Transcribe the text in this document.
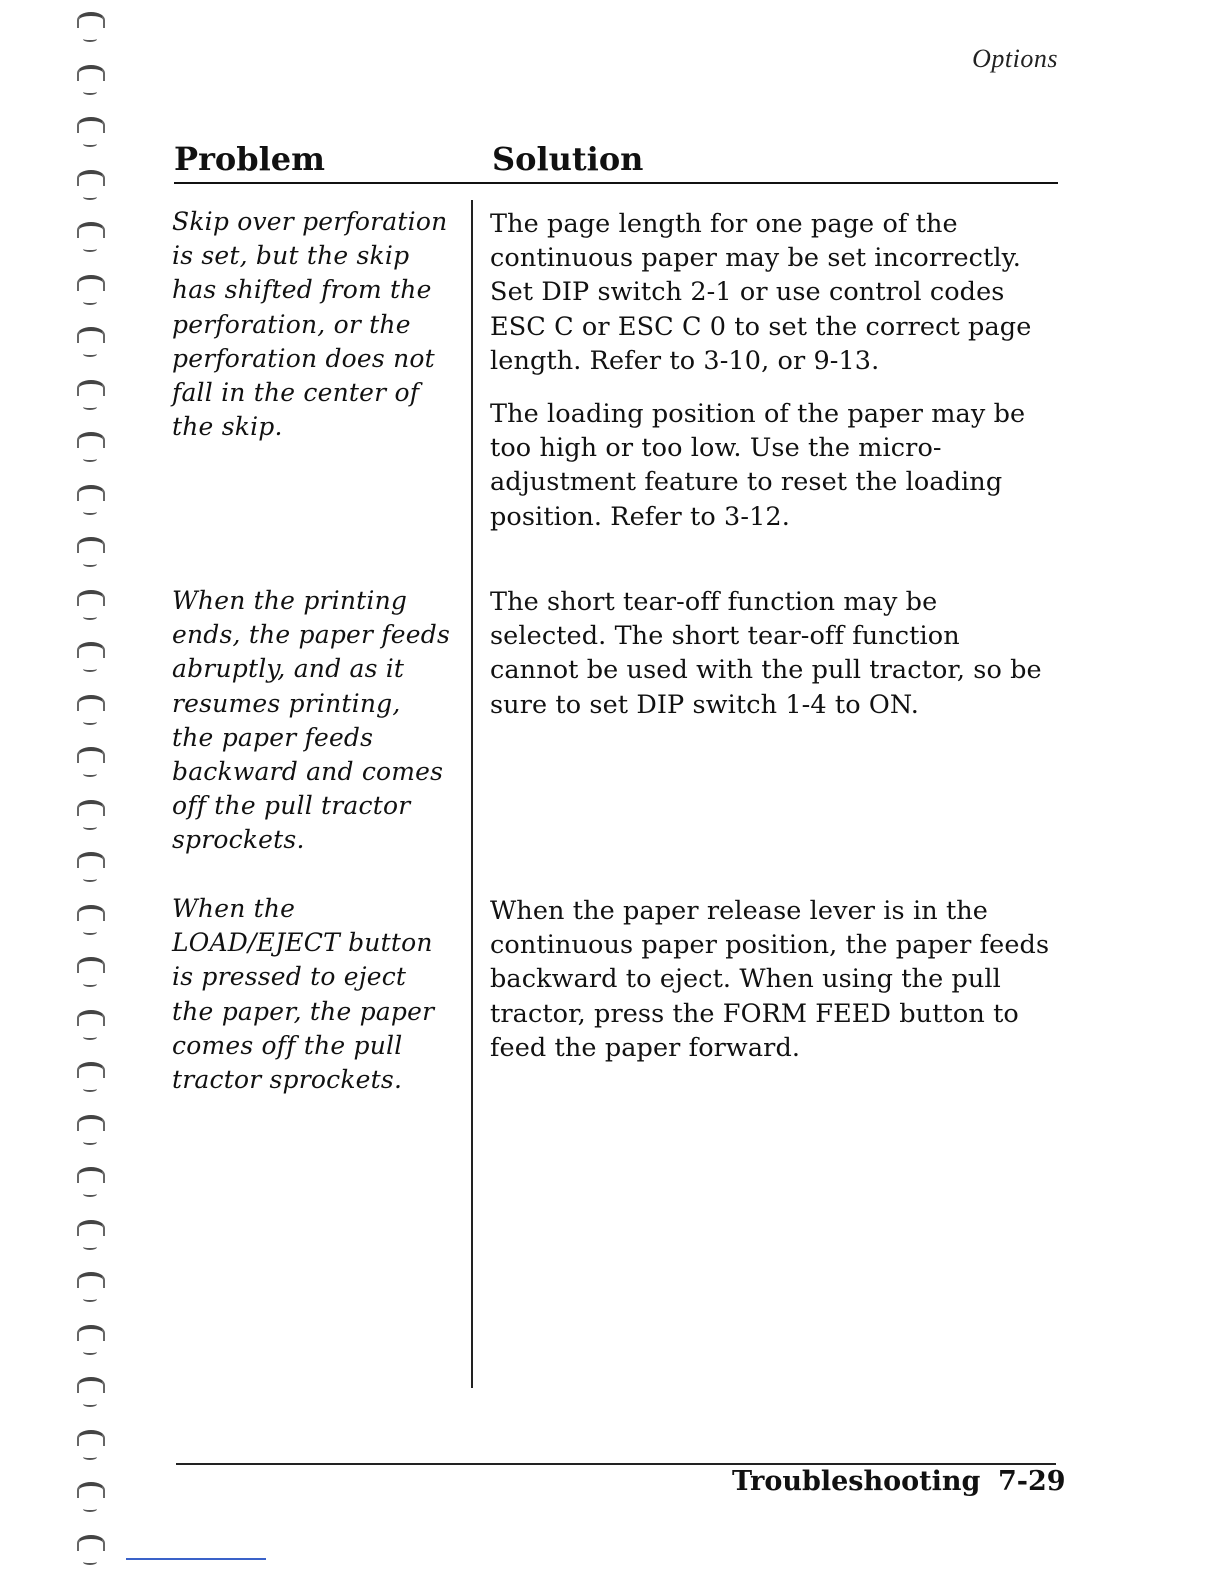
Options
Problem	Solution
Skip over perforation
is set, but the skip
has shifted from the
perforation, or the
perforation does not
fall in the center of
the skip.

The page length for one page of the
continuous paper may be set incorrectly.
Set DIP switch 2-1 or use control codes
ESC C or ESC C 0 to set the correct page
length. Refer to 3-10, or 9-13.

The loading position of the paper may be
too high or too low. Use the micro-
adjustment feature to reset the loading
position. Refer to 3-12.

When the printing
ends, the paper feeds
abruptly, and as it
resumes printing,
the paper feeds
backward and comes
off the pull tractor
sprockets.

The short tear-off function may be
selected. The short tear-off function
cannot be used with the pull tractor, so be
sure to set DIP switch 1-4 to ON.

When the
LOAD/EJECT button
is pressed to eject
the paper, the paper
comes off the pull
tractor sprockets.

When the paper release lever is in the
continuous paper position, the paper feeds
backward to eject. When using the pull
tractor, press the FORM FEED button to
feed the paper forward.

Troubleshooting 7-29
